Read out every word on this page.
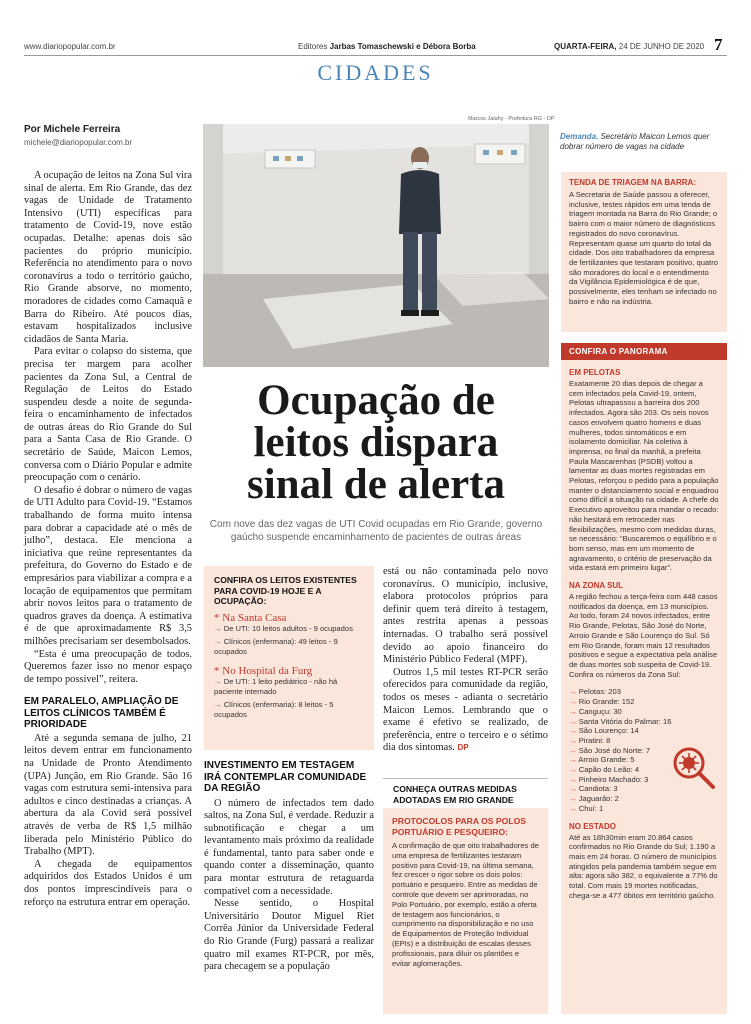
www.diariopopular.com.br	Editores Jarbas Tomaschewski e Débora Borba	QUARTA-FEIRA, 24 DE JUNHO DE 2020 7
CIDADES
Por Michele Ferreira
michele@diariopopular.com.br

A ocupação de leitos na Zona Sul vira sinal de alerta. Em Rio Grande, das dez vagas de Unidade de Tratamento Intensivo (UTI) específicas para tratamento de Covid-19, nove estão ocupadas. Detalhe: apenas dois são pacientes do próprio município. Referência no atendimento para o novo coronavírus a todo o território gaúcho, Rio Grande absorve, no momento, moradores de cidades como Camaquã e Barra do Ribeiro. Até poucos dias, estavam hospitalizados inclusive cidadãos de Santa Maria.

Para evitar o colapso do sistema, que precisa ter margem para acolher pacientes da Zona Sul, a Central de Regulação de Leitos do Estado suspendeu desde a noite de segunda-feira o encaminhamento de infectados de outras áreas do Rio Grande do Sul para a Santa Casa de Rio Grande. O secretário de Saúde, Maicon Lemos, conversa com o Diário Popular e admite preocupação com o cenário.

O desafio é dobrar o número de vagas de UTI Adulto para Covid-19. “Estamos trabalhando de forma muito intensa para dobrar a capacidade até o mês de julho”, destaca. Ele menciona a iniciativa que reúne representantes da prefeitura, do Governo do Estado e de empresários para viabilizar a compra e a locação de equipamentos que permitam abrir novos leitos para o tratamento de quadros graves da doença. A estimativa é de que aproximadamente R$ 3,5 milhões precisariam ser desembolsados.

“Esta é uma preocupação de todos. Queremos fazer isso no menor espaço de tempo possível”, reitera.

EM PARALELO, AMPLIAÇÃO DE LEITOS CLÍNICOS TAMBÉM É PRIORIDADE

Até a segunda semana de julho, 21 leitos devem entrar em funcionamento na Unidade de Pronto Atendimento (UPA) Junção, em Rio Grande. São 16 vagas com estrutura semi-intensiva para adultos e cinco destinadas a crianças. A abertura da ala Covid será possível através de verba de R$ 1,5 milhão liberada pelo Ministério Público do Trabalho (MPT).

A chegada de equipamentos adquiridos dos Estados Unidos é um dos pontos imprescindíveis para o reforço na estrutura entrar em operação.

Marcos Jalahy - Prefeitura RG - DP
Demanda. Secretário Maicon Lemos quer dobrar número de vagas na cidade
Ocupação de leitos dispara sinal de alerta
Com nove das dez vagas de UTI Covid ocupadas em Rio Grande, governo gaúcho suspende encaminhamento de pacientes de outras áreas
CONFIRA OS LEITOS EXISTENTES PARA COVID-19 HOJE E A OCUPAÇÃO:
* Na Santa Casa
→ De UTI: 10 leitos adultos - 9 ocupados
→ Clínicos (enfermaria): 49 leitos - 9 ocupados
* No Hospital da Furg
→ De UTI: 1 leito pediátrico - não há paciente internado
→ Clínicos (enfermaria): 8 leitos - 5 ocupados
INVESTIMENTO EM TESTAGEM IRÁ CONTEMPLAR COMUNIDADE DA REGIÃO

O número de infectados tem dado saltos, na Zona Sul, é verdade. Reduzir a subnotificação e chegar a um levantamento mais próximo da realidade é fundamental, tanto para saber onde e quando conter a disseminação, quanto para montar estrutura de retaguarda compatível com a necessidade.

Nesse sentido, o Hospital Universitário Doutor Miguel Riet Corrêa Júnior da Universidade Federal do Rio Grande (Furg) passará a realizar quatro mil exames RT-PCR, por mês, para checagem se a população

está ou não contaminada pelo novo coronavírus. O município, inclusive, elabora protocolos próprios para definir quem terá direito à testagem, antes restrita apenas a pessoas internadas. O trabalho será possível devido ao apoio financeiro do Ministério Público Federal (MPF).

Outros 1,5 mil testes RT-PCR serão oferecidos para comunidade da região, todos os meses - adianta o secretário Maicon Lemos. Lembrando que o exame é efetivo se realizado, de preferência, entre o terceiro e o sétimo dia dos sintomas. DP

CONHEÇA OUTRAS MEDIDAS ADOTADAS EM RIO GRANDE
PROTOCOLOS PARA OS POLOS PORTUÁRIO E PESQUEIRO:
A confirmação de que oito trabalhadores de uma empresa de fertilizantes testaram positivo para Covid-19, na última semana, fez crescer o rigor sobre os dois polos: portuário e pesqueiro. Entre as medidas de controle que devem ser aprimoradas, no Polo Portuário, por exemplo, estão a oferta de testagem aos funcionários, o cumprimento na disponibilização e no uso de Equipamentos de Proteção Individual (EPIs) e a distribuição de escalas desses profissionais, para diluir os plantões e evitar aglomerações.
TENDA DE TRIAGEM NA BARRA:
A Secretaria de Saúde passou a oferecer, inclusive, testes rápidos em uma tenda de triagem montada na Barra do Rio Grande; o bairro com o maior número de diagnósticos registrados do novo coronavírus. Representam quase um quarto do total da cidade. Dos oito trabalhadores da empresa de fertilizantes que testaram positivo, quatro são moradores do local e o entendimento da Vigilância Epidemiológica é de que, possivelmente, eles tenham se infectado no bairro e não na indústria.
CONFIRA O PANORAMA
EM PELOTAS
Exatamente 20 dias depois de chegar a cem infectados pela Covid-19, ontem, Pelotas ultrapassou a barreira dos 200 infectados. Agora são 203. Os seis novos casos envolvem quatro homens e duas mulheres, todos sintomáticos e em isolamento domiciliar. Na coletiva à imprensa, no final da manhã, a prefeita Paula Mascarenhas (PSDB) voltou a lamentar as duas mortes registradas em Pelotas, reforçou o pedido para a população manter o distanciamento social e enquadrou como difícil a situação na cidade. A chefe do Executivo aproveitou para mandar o recado: não hesitará em retroceder nas flexibilizações, mesmo com medidas duras, se necessário: “Buscaremos o equilíbrio e o bom senso, mas em um momento de agravamento, o critério de preservação da vida estará em primeiro lugar”.
NA ZONA SUL
A região fechou a terça-feira com 448 casos notificados da doença, em 13 municípios. Ao todo, foram 24 novos infectados, entre Rio Grande, Pelotas, São José do Norte, Arroio Grande e São Lourenço do Sul. Só em Rio Grande, foram mais 12 resultados positivos e segue a expectativa pela análise de duas mortes sob suspeita de Covid-19. Confira os números da Zona Sul:
→ Pelotas: 203
→ Rio Grande: 152
→ Canguçu: 30
→ Santa Vitória do Palmar: 16
→ São Lourenço: 14
→ Piratini: 8
→ São José do Norte: 7
→ Arroio Grande: 5
→ Capão do Leão: 4
→ Pinheiro Machado: 3
→ Candiota: 3
→ Jaguarão: 2
→ Chuí: 1
NO ESTADO
Até as 18h30min eram 20.864 casos confirmados no Rio Grande do Sul; 1.190 a mais em 24 horas. O número de municípios atingidos pela pandemia também segue em alta: agora são 382, o equivalente a 77% do total. Com mais 19 mortes notificadas, chega-se a 477 óbitos em território gaúcho.
